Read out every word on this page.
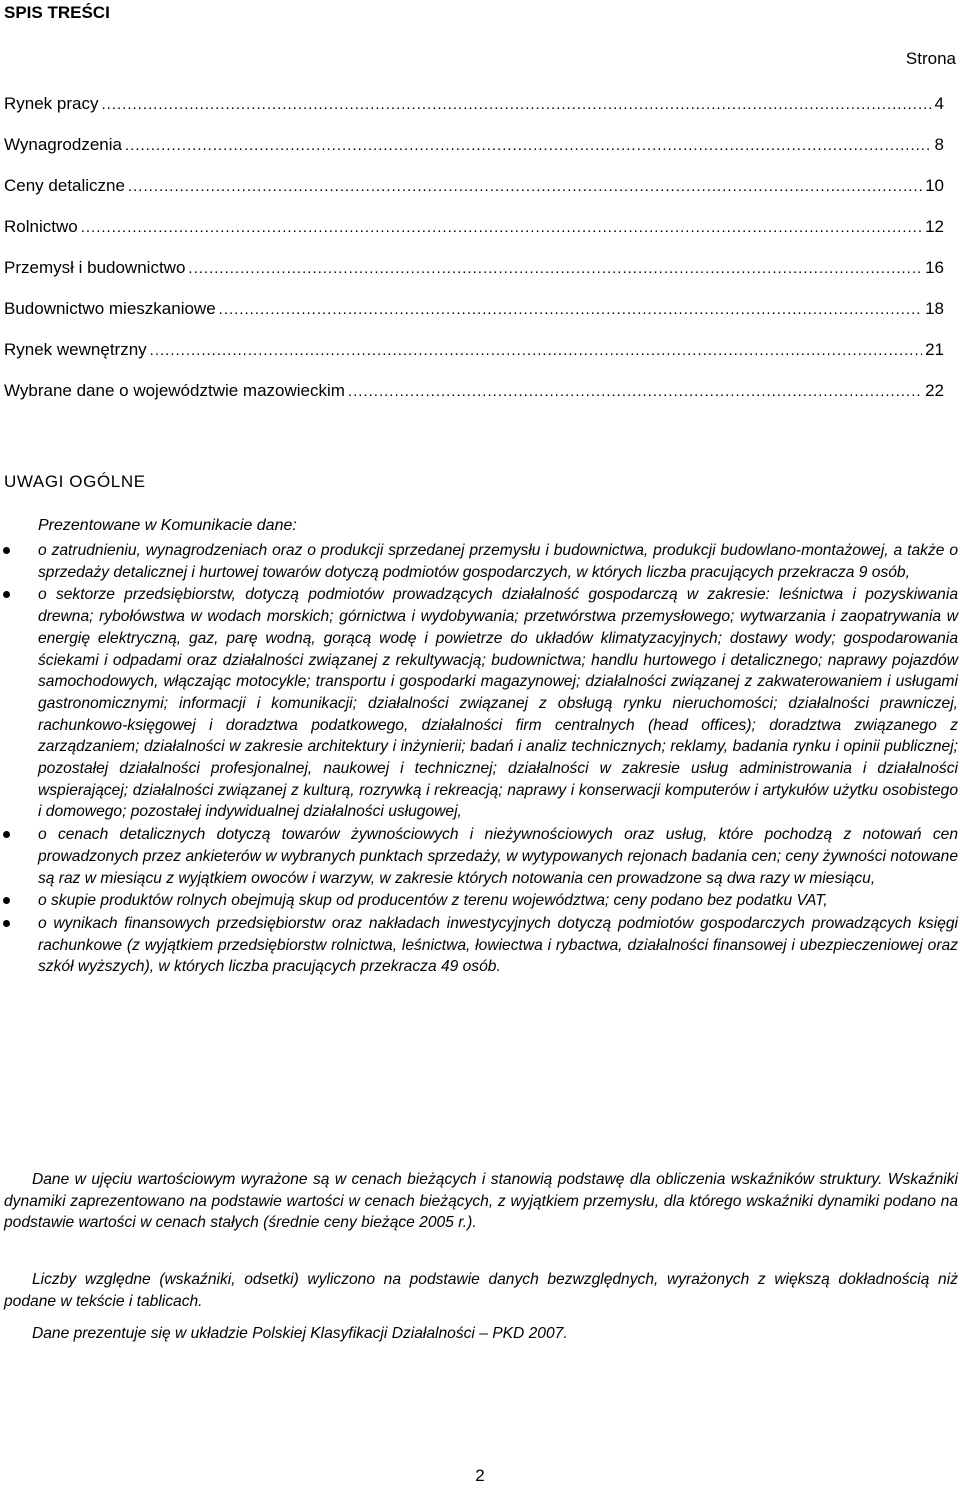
SPIS TREŚCI
Strona
Rynek pracy .....	4
Wynagrodzenia .....	8
Ceny detaliczne .....	10
Rolnictwo .....	12
Przemysł i budownictwo .....	16
Budownictwo mieszkaniowe .....	18
Rynek wewnętrzny .....	21
Wybrane dane o województwie mazowieckim .....	22
UWAGI OGÓLNE

Prezentowane w Komunikacie dane:

o zatrudnieniu, wynagrodzeniach oraz o produkcji sprzedanej przemysłu i budownictwa, produkcji budowlano-montażowej, a także o sprzedaży detalicznej i hurtowej towarów dotyczą podmiotów gospodarczych, w których liczba pracujących przekracza 9 osób,
o sektorze przedsiębiorstw, dotyczą podmiotów prowadzących działalność gospodarczą w zakresie: leśnictwa i pozyskiwania drewna; rybołówstwa w wodach morskich; górnictwa i wydobywania; przetwórstwa przemysłowego; wytwarzania i zaopatrywania w energię elektryczną, gaz, parę wodną, gorącą wodę i powietrze do układów klimatyzacyjnych; dostawy wody; gospodarowania ściekami i odpadami oraz działalności związanej z rekultywacją; budownictwa; handlu hurtowego i detalicznego; naprawy pojazdów samochodowych, włączając motocykle; transportu i gospodarki magazynowej; działalności związanej z zakwaterowaniem i usługami gastronomicznymi; informacji i komunikacji; działalności związanej z obsługą rynku nieruchomości; działalności prawniczej, rachunkowo-księgowej i doradztwa podatkowego, działalności firm centralnych (head offices); doradztwa związanego z zarządzaniem; działalności w zakresie architektury i inżynierii; badań i analiz technicznych; reklamy, badania rynku i opinii publicznej; pozostałej działalności profesjonalnej, naukowej i technicznej; działalności w zakresie usług administrowania i działalności wspierającej; działalności związanej z kulturą, rozrywką i rekreacją; naprawy i konserwacji komputerów i artykułów użytku osobistego i domowego; pozostałej indywidualnej działalności usługowej,
o cenach detalicznych dotyczą towarów żywnościowych i nieżywnościowych oraz usług, które pochodzą z notowań cen prowadzonych przez ankieterów w wybranych punktach sprzedaży, w wytypowanych rejonach badania cen; ceny żywności notowane są raz w miesiącu z wyjątkiem owoców i warzyw, w zakresie których notowania cen prowadzone są dwa razy w miesiącu,
o skupie produktów rolnych obejmują skup od producentów z terenu województwa; ceny podano bez podatku VAT,
o wynikach finansowych przedsiębiorstw oraz nakładach inwestycyjnych dotyczą podmiotów gospodarczych prowadzących księgi rachunkowe (z wyjątkiem przedsiębiorstw rolnictwa, leśnictwa, łowiectwa i rybactwa, działalności finansowej i ubezpieczeniowej oraz szkół wyższych), w których liczba pracujących przekracza 49 osób.

Dane w ujęciu wartościowym wyrażone są w cenach bieżących i stanowią podstawę dla obliczenia wskaźników struktury. Wskaźniki dynamiki zaprezentowano na podstawie wartości w cenach bieżących, z wyjątkiem przemysłu, dla którego wskaźniki dynamiki podano na podstawie wartości w cenach stałych (średnie ceny bieżące 2005 r.).

Liczby względne (wskaźniki, odsetki) wyliczono na podstawie danych bezwzględnych, wyrażonych z większą dokładnością niż podane w tekście i tablicach.

Dane prezentuje się w układzie Polskiej Klasyfikacji Działalności – PKD 2007.

2
